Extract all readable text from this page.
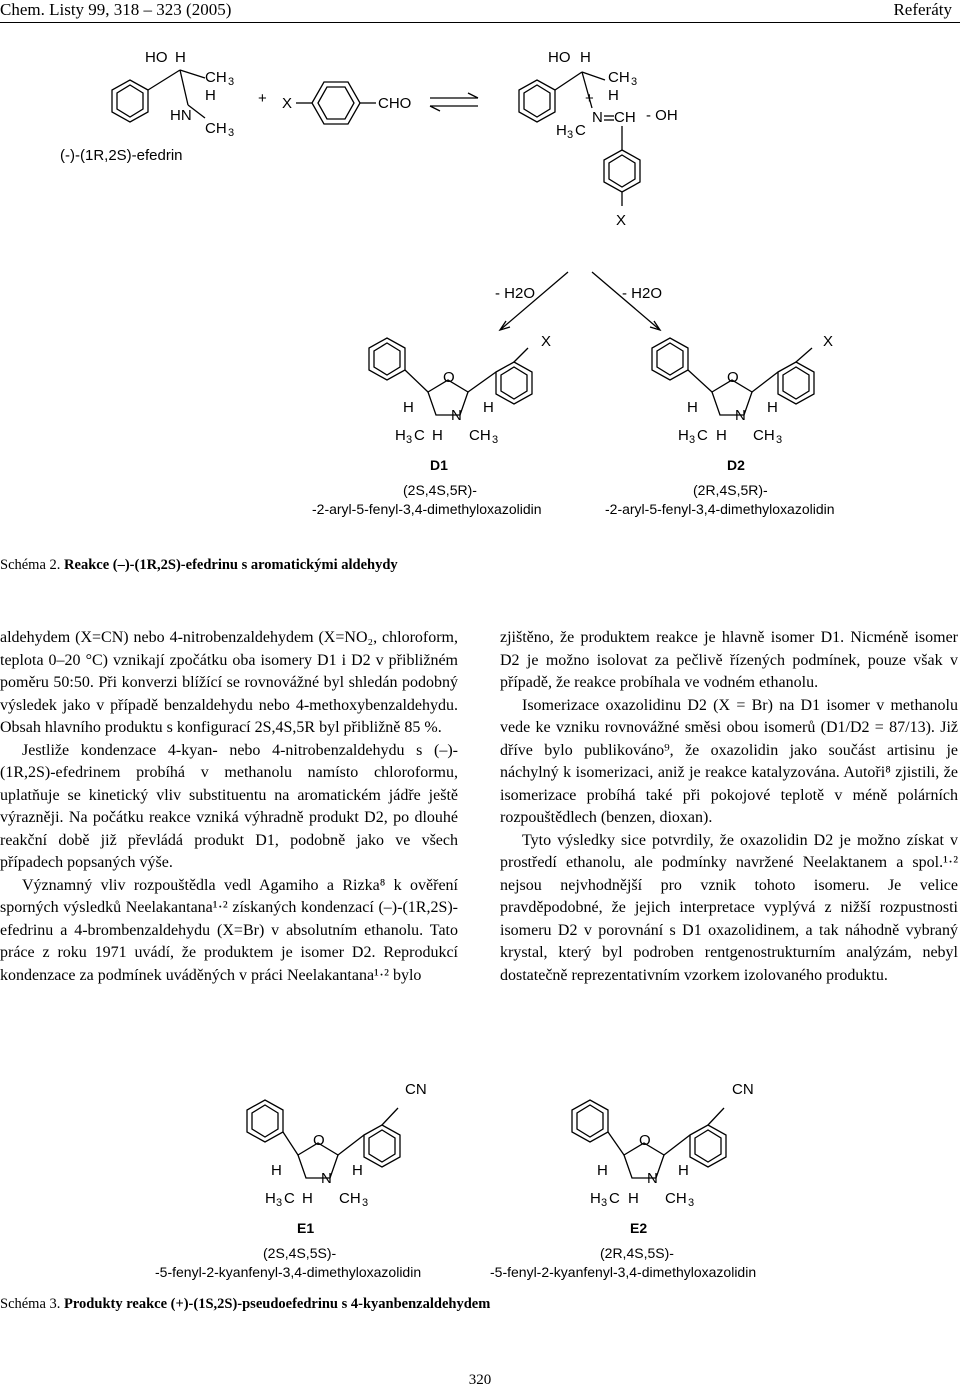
Chem. Listy 99, 318 – 323 (2005)	Referáty
HO H
CH 3
H
HN
CH 3
(-)-(1R,2S)-efedrin
+ X	CHO
HO H
CH 3
H
+
N CH
H 3 C
X
- OH
- H2O	- H2O
O
N
X
H	H
H 3 C H CH 3
D1
(2S,4S,5R)-
-2-aryl-5-fenyl-3,4-dimethyloxazolidin
O
N
X
H	H
H 3 C H CH 3
D2
(2R,4S,5R)-
-2-aryl-5-fenyl-3,4-dimethyloxazolidin
Schéma 2. Reakce (–)-(1R,2S)-efedrinu s aromatickými aldehydy

aldehydem (X=CN) nebo 4-nitrobenzaldehydem (X=NO₂, chloroform, teplota 0–20 °C) vznikají zpočátku oba isomery D1 i D2 v přibližném poměru 50:50. Při konverzi blížící se rovnovážné byl shledán podobný výsledek jako v případě benzaldehydu nebo 4-methoxybenzaldehydu. Obsah hlavního produktu s konfigurací 2S,4S,5R byl přibližně 85 %.

Jestliže kondenzace 4-kyan- nebo 4-nitrobenzaldehydu s (–)-(1R,2S)-efedrinem probíhá v methanolu namísto chloroformu, uplatňuje se kinetický vliv substituentu na aromatickém jádře ještě výrazněji. Na počátku reakce vzniká výhradně produkt D2, po dlouhé reakční době již převládá produkt D1, podobně jako ve všech případech popsaných výše.

Významný vliv rozpouštědla vedl Agamiho a Rizka⁸ k ověření sporných výsledků Neelakantana¹·² získaných kondenzací (–)-(1R,2S)-efedrinu a 4-brombenzaldehydu (X=Br) v absolutním ethanolu. Tato práce z roku 1971 uvádí, že produktem je isomer D2. Reprodukcí kondenzace za podmínek uváděných v práci Neelakantana¹·² bylo

zjištěno, že produktem reakce je hlavně isomer D1. Nicméně isomer D2 je možno isolovat za pečlivě řízených podmínek, pouze však v případě, že reakce probíhala ve vodném ethanolu.

Isomerizace oxazolidinu D2 (X = Br) na D1 isomer v methanolu vede ke vzniku rovnovážné směsi obou isomerů (D1/D2 = 87/13). Již dříve bylo publikováno⁹, že oxazolidin jako součást artisinu je náchylný k isomerizaci, aniž je reakce katalyzována. Autoři⁸ zjistili, že isomerizace probíhá také při pokojové teplotě v méně polárních rozpouštědlech (benzen, dioxan).

Tyto výsledky sice potvrdily, že oxazolidin D2 je možno získat v prostředí ethanolu, ale podmínky navržené Neelaktanem a spol.¹·² nejsou nejvhodnější pro vznik tohoto isomeru. Je velice pravděpodobné, že jejich interpretace vyplývá z nižší rozpustnosti isomeru D2 v porovnání s D1 oxazolidinem, a tak náhodně vybraný krystal, který byl podroben rentgenostrukturním analýzám, nebyl dostatečně reprezentativním vzorkem izolovaného produktu.

O
N
CN
H	H
H 3 C H CH 3
E1
(2S,4S,5S)-
-5-fenyl-2-kyanfenyl-3,4-dimethyloxazolidin
O
N
CN
H	H
H 3 C H CH 3
E2
(2R,4S,5S)-
-5-fenyl-2-kyanfenyl-3,4-dimethyloxazolidin
Schéma 3. Produkty reakce (+)-(1S,2S)-pseudoefedrinu s 4-kyanbenzaldehydem
320
